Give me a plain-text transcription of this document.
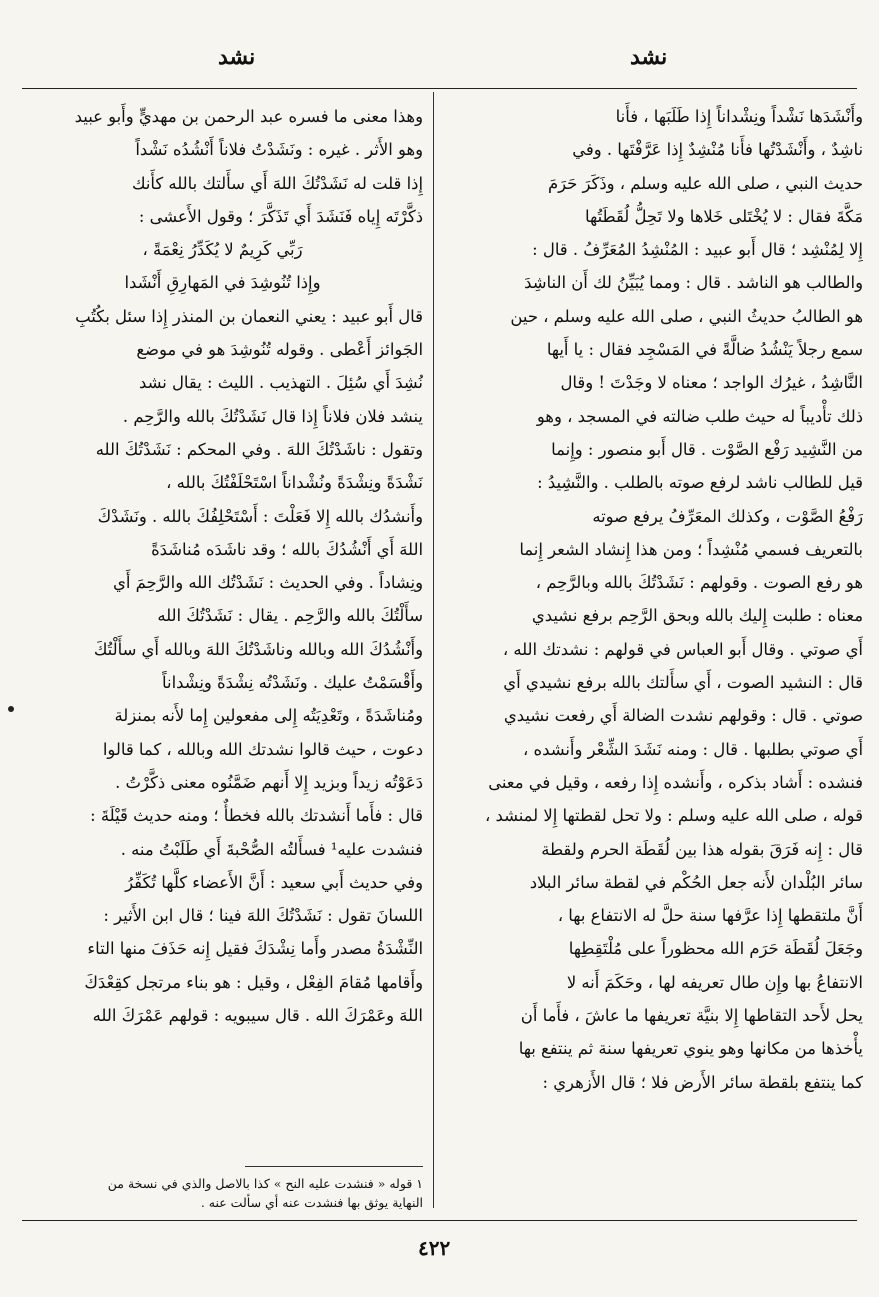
نشد
نشد
وأَنْشَدَها نَشْداً ونِشْداناً إِذا طَلَبَها ، فأَنا
ناشِدٌ ، وأَنْشَدْتُها فأَنا مُنْشِدٌ إِذا عَرَّفْتَها . وفي
حديث النبي ، صلى الله عليه وسلم ، وذَكَرَ حَرَمَ
مَكَّةَ فقال : لا يُخْتَلى خَلاها ولا تَحِلُّ لُقَطَتُها
إِلا لِمُنْشِد ؛ قال أَبو عبيد : المُنْشِدُ المُعَرِّفُ . قال :
والطالب هو الناشد . قال : ومما يُبَيِّنُ لك أَن الناشِدَ
هو الطالبُ حديثُ النبي ، صلى الله عليه وسلم ، حين
سمع رجلاً يَنْشُدُ ضالَّةً في المَسْجِد فقال : يا أَيها
النَّاشِدُ ، غيرُك الواجد ؛ معناه لا وجَدْتَ ! وقال
ذلك تأْديباً له حيث طلب ضالته في المسجد ، وهو
من النَّشِيد رَفْع الصَّوْت . قال أَبو منصور : وإِنما
قيل للطالب ناشد لرفع صوته بالطلب . والنَّشِيدُ :
رَفْعُ الصَّوْت ، وكذلك المعَرِّفُ يرفع صوته
بالتعريف فسمي مُنْشِداً ؛ ومن هذا إِنشاد الشعر إِنما
هو رفع الصوت . وقولهم : نَشَدْتُكَ بالله وبالرَّحِم ،
معناه : طلبت إِليك بالله وبحق الرَّحِم برفع نشيدي
أَي صوتي . وقال أَبو العباس في قولهم : نشدتك الله ،
قال : النشيد الصوت ، أَي سأَلتك بالله برفع نشيدي أَي
صوتي . قال : وقولهم نشدت الضالة أَي رفعت نشيدي
أَي صوتي بطلبها . قال : ومنه نَشَدَ الشِّعْر وأَنشده ،
فنشده : أَشاد بذكره ، وأَنشده إِذا رفعه ، وقيل في معنى
قوله ، صلى الله عليه وسلم : ولا تحل لقطتها إِلا لمنشد ،
قال : إِنه فَرَقَ بقوله هذا بين لُقَطَة الحرم ولقطة
سائر البُلْدان لأَنه جعل الحُكْم في لقطة سائر البلاد
أَنَّ ملتقطها إِذا عرَّفها سنة حلَّ له الانتفاع بها ،
وجَعَلَ لُقَطَة حَرَم الله محظوراً على مُلْتَقِطِها
الانتفاعُ بها وإِن طال تعريفه لها ، وحَكَمَ أَنه لا
يحل لأَحد التقاطها إِلا بنيَّة تعريفها ما عاشَ ، فأَما أَن
يأْخذها من مكانها وهو ينوي تعريفها سنة ثم ينتفع بها
كما ينتفع بلقطة سائر الأَرض فلا ؛ قال الأَزهري :
وهذا معنى ما فسره عبد الرحمن بن مهديٍّ وأَبو عبيد
وهو الأَثر . غيره : ونَشَدْتُ فلاناً أَنْشُدُه نَشْداً
إِذا قلت له نَشَدْتُكَ اللهَ أَي سأَلتك بالله كأَنك
ذكَّرْتَه إِياه فَنَشَدَ أَي تَذَكَّرَ ؛ وقول الأَعشى :
رَبِّي كَرِيمٌ لا يُكَدِّرُ نِعْمَةً ،
وإِذا تُنُوشِدَ في المَهارِقِ أَنْشَدا
قال أَبو عبيد : يعني النعمان بن المنذر إِذا سئل بكُتُبِ
الجَوائز أَعْطى . وقوله تُنُوشِدَ هو في موضع
نُشِدَ أَي سُئِلَ . التهذيب . الليث : يقال نشد
ينشد فلان فلاناً إِذا قال نَشَدْتُكَ بالله والرَّحِم .
وتقول : ناشَدْتُكَ اللهَ . وفي المحكم : نَشَدْتُكَ الله
نَشْدَةً ونِشْدَةً ونُشْداناً اسْتَحْلَفْتُكَ بالله ،
وأَنشدُك بالله إِلا فَعَلْتَ : أَسْتَحْلِفُكَ بالله . ونَشَدْكَ
اللهَ أَي أَنْشُدُكَ بالله ؛ وقد ناشَدَه مُناشَدَةً
ونِشاداً . وفي الحديث : نَشَدْتُك الله والرَّحِمَ أَي
سأَلْتُكَ بالله والرَّحِم . يقال : نَشَدْتُكَ الله
وأَنْشُدُكَ الله وبالله وناشَدْتُكَ اللهَ وبالله أَي سأَلْتُكَ
وأَقْسَمْتُ عليك . ونَشَدْتُه نِشْدَةً ونِشْداناً
ومُناشَدَةً ، وتَعْدِيَتُه إِلى مفعولين إِما لأَنه بمنزلة
دعوت ، حيث قالوا نشدتك الله وبالله ، كما قالوا
دَعَوْتُه زيداً وبزيد إِلا أَنهم ضَمَّنُوه معنى ذكَّرْتُ .
قال : فأَما أَنشدتك بالله فخطأٌ ؛ ومنه حديث قَيْلَةَ :
فنشدت عليه¹ فسأَلتُه الصُّحْبةَ أَي طَلَبْتُ منه .
وفي حديث أَبي سعيد : أَنَّ الأَعضاء كلَّها تُكَفِّرُ
اللسانَ تقول : نَشَدْتُكَ اللهَ فينا ؛ قال ابن الأَثير :
النِّشْدَةُ مصدر وأَما نِشْدَكَ فقيل إِنه حَذَفَ منها التاء
وأَقامها مُقامَ الفِعْل ، وقيل : هو بناء مرتجل كقِعْدَكَ
اللهَ وعَمْرَكَ الله . قال سيبويه : قولهم عَمْرَكَ الله
١ قوله « فنشدت عليه النح » كذا بالاصل والذي في نسخة من
النهاية يوثق بها فنشدت عنه أي سألت عنه .
٤٢٢
